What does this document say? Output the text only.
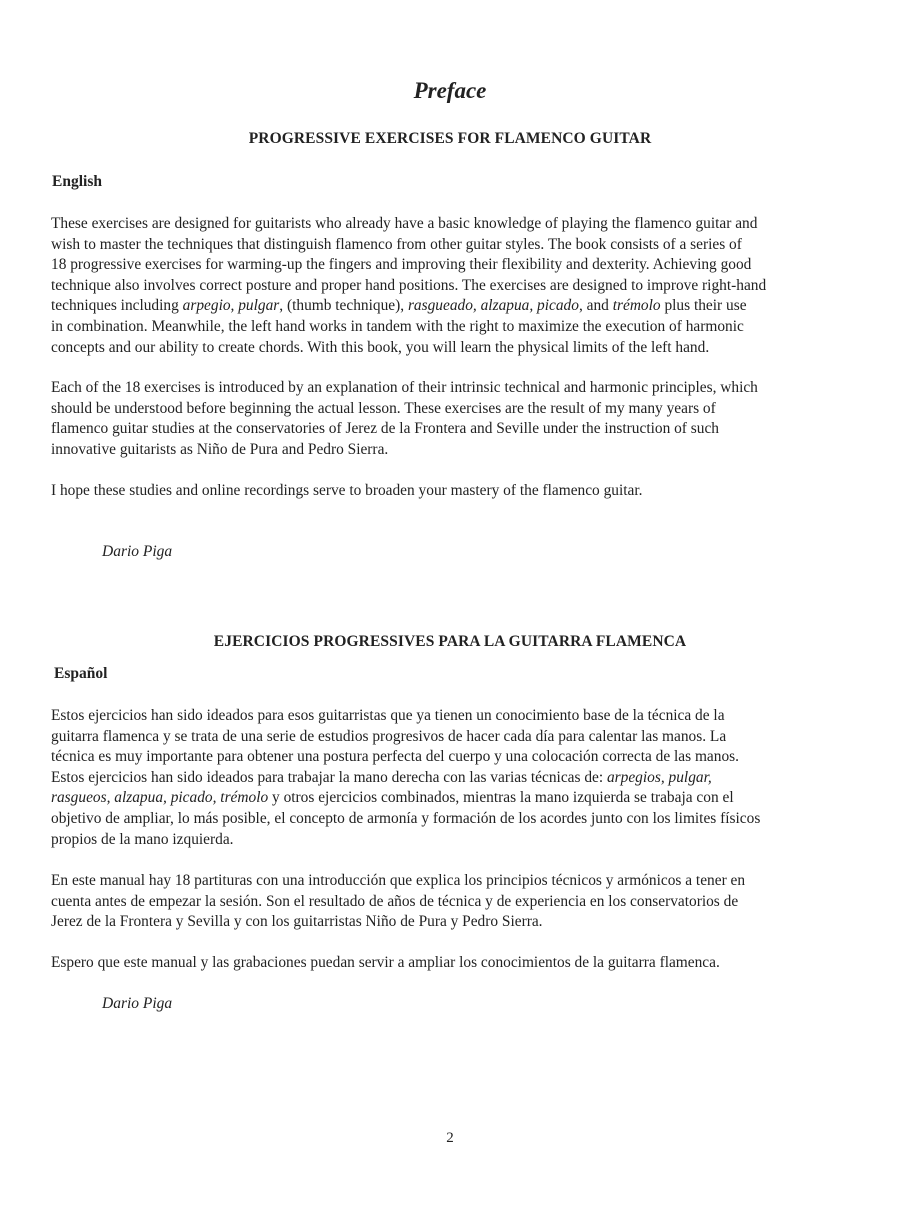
Preface
PROGRESSIVE EXERCISES FOR FLAMENCO GUITAR
English

These exercises are designed for guitarists who already have a basic knowledge of playing the flamenco guitar and
wish to master the techniques that distinguish flamenco from other guitar styles. The book consists of a series of
18 progressive exercises for warming-up the fingers and improving their flexibility and dexterity. Achieving good
technique also involves correct posture and proper hand positions. The exercises are designed to improve right-hand
techniques including arpegio, pulgar, (thumb technique), rasgueado, alzapua, picado, and trémolo plus their use
in combination. Meanwhile, the left hand works in tandem with the right to maximize the execution of harmonic
concepts and our ability to create chords. With this book, you will learn the physical limits of the left hand.

Each of the 18 exercises is introduced by an explanation of their intrinsic technical and harmonic principles, which
should be understood before beginning the actual lesson. These exercises are the result of my many years of
flamenco guitar studies at the conservatories of Jerez de la Frontera and Seville under the instruction of such
innovative guitarists as Niño de Pura and Pedro Sierra.

I hope these studies and online recordings serve to broaden your mastery of the flamenco guitar.

Dario Piga

EJERCICIOS PROGRESSIVES PARA LA GUITARRA FLAMENCA
Español

Estos ejercicios han sido ideados para esos guitarristas que ya tienen un conocimiento base de la técnica de la
guitarra flamenca y se trata de una serie de estudios progresivos de hacer cada día para calentar las manos. La
técnica es muy importante para obtener una postura perfecta del cuerpo y una colocación correcta de las manos.
Estos ejercicios han sido ideados para trabajar la mano derecha con las varias técnicas de: arpegios, pulgar,
rasgueos, alzapua, picado, trémolo y otros ejercicios combinados, mientras la mano izquierda se trabaja con el
objetivo de ampliar, lo más posible, el concepto de armonía y formación de los acordes junto con los limites físicos
propios de la mano izquierda.

En este manual hay 18 partituras con una introducción que explica los principios técnicos y armónicos a tener en
cuenta antes de empezar la sesión. Son el resultado de años de técnica y de experiencia en los conservatorios de
Jerez de la Frontera y Sevilla y con los guitarristas Niño de Pura y Pedro Sierra.

Espero que este manual y las grabaciones puedan servir a ampliar los conocimientos de la guitarra flamenca.

Dario Piga

2
